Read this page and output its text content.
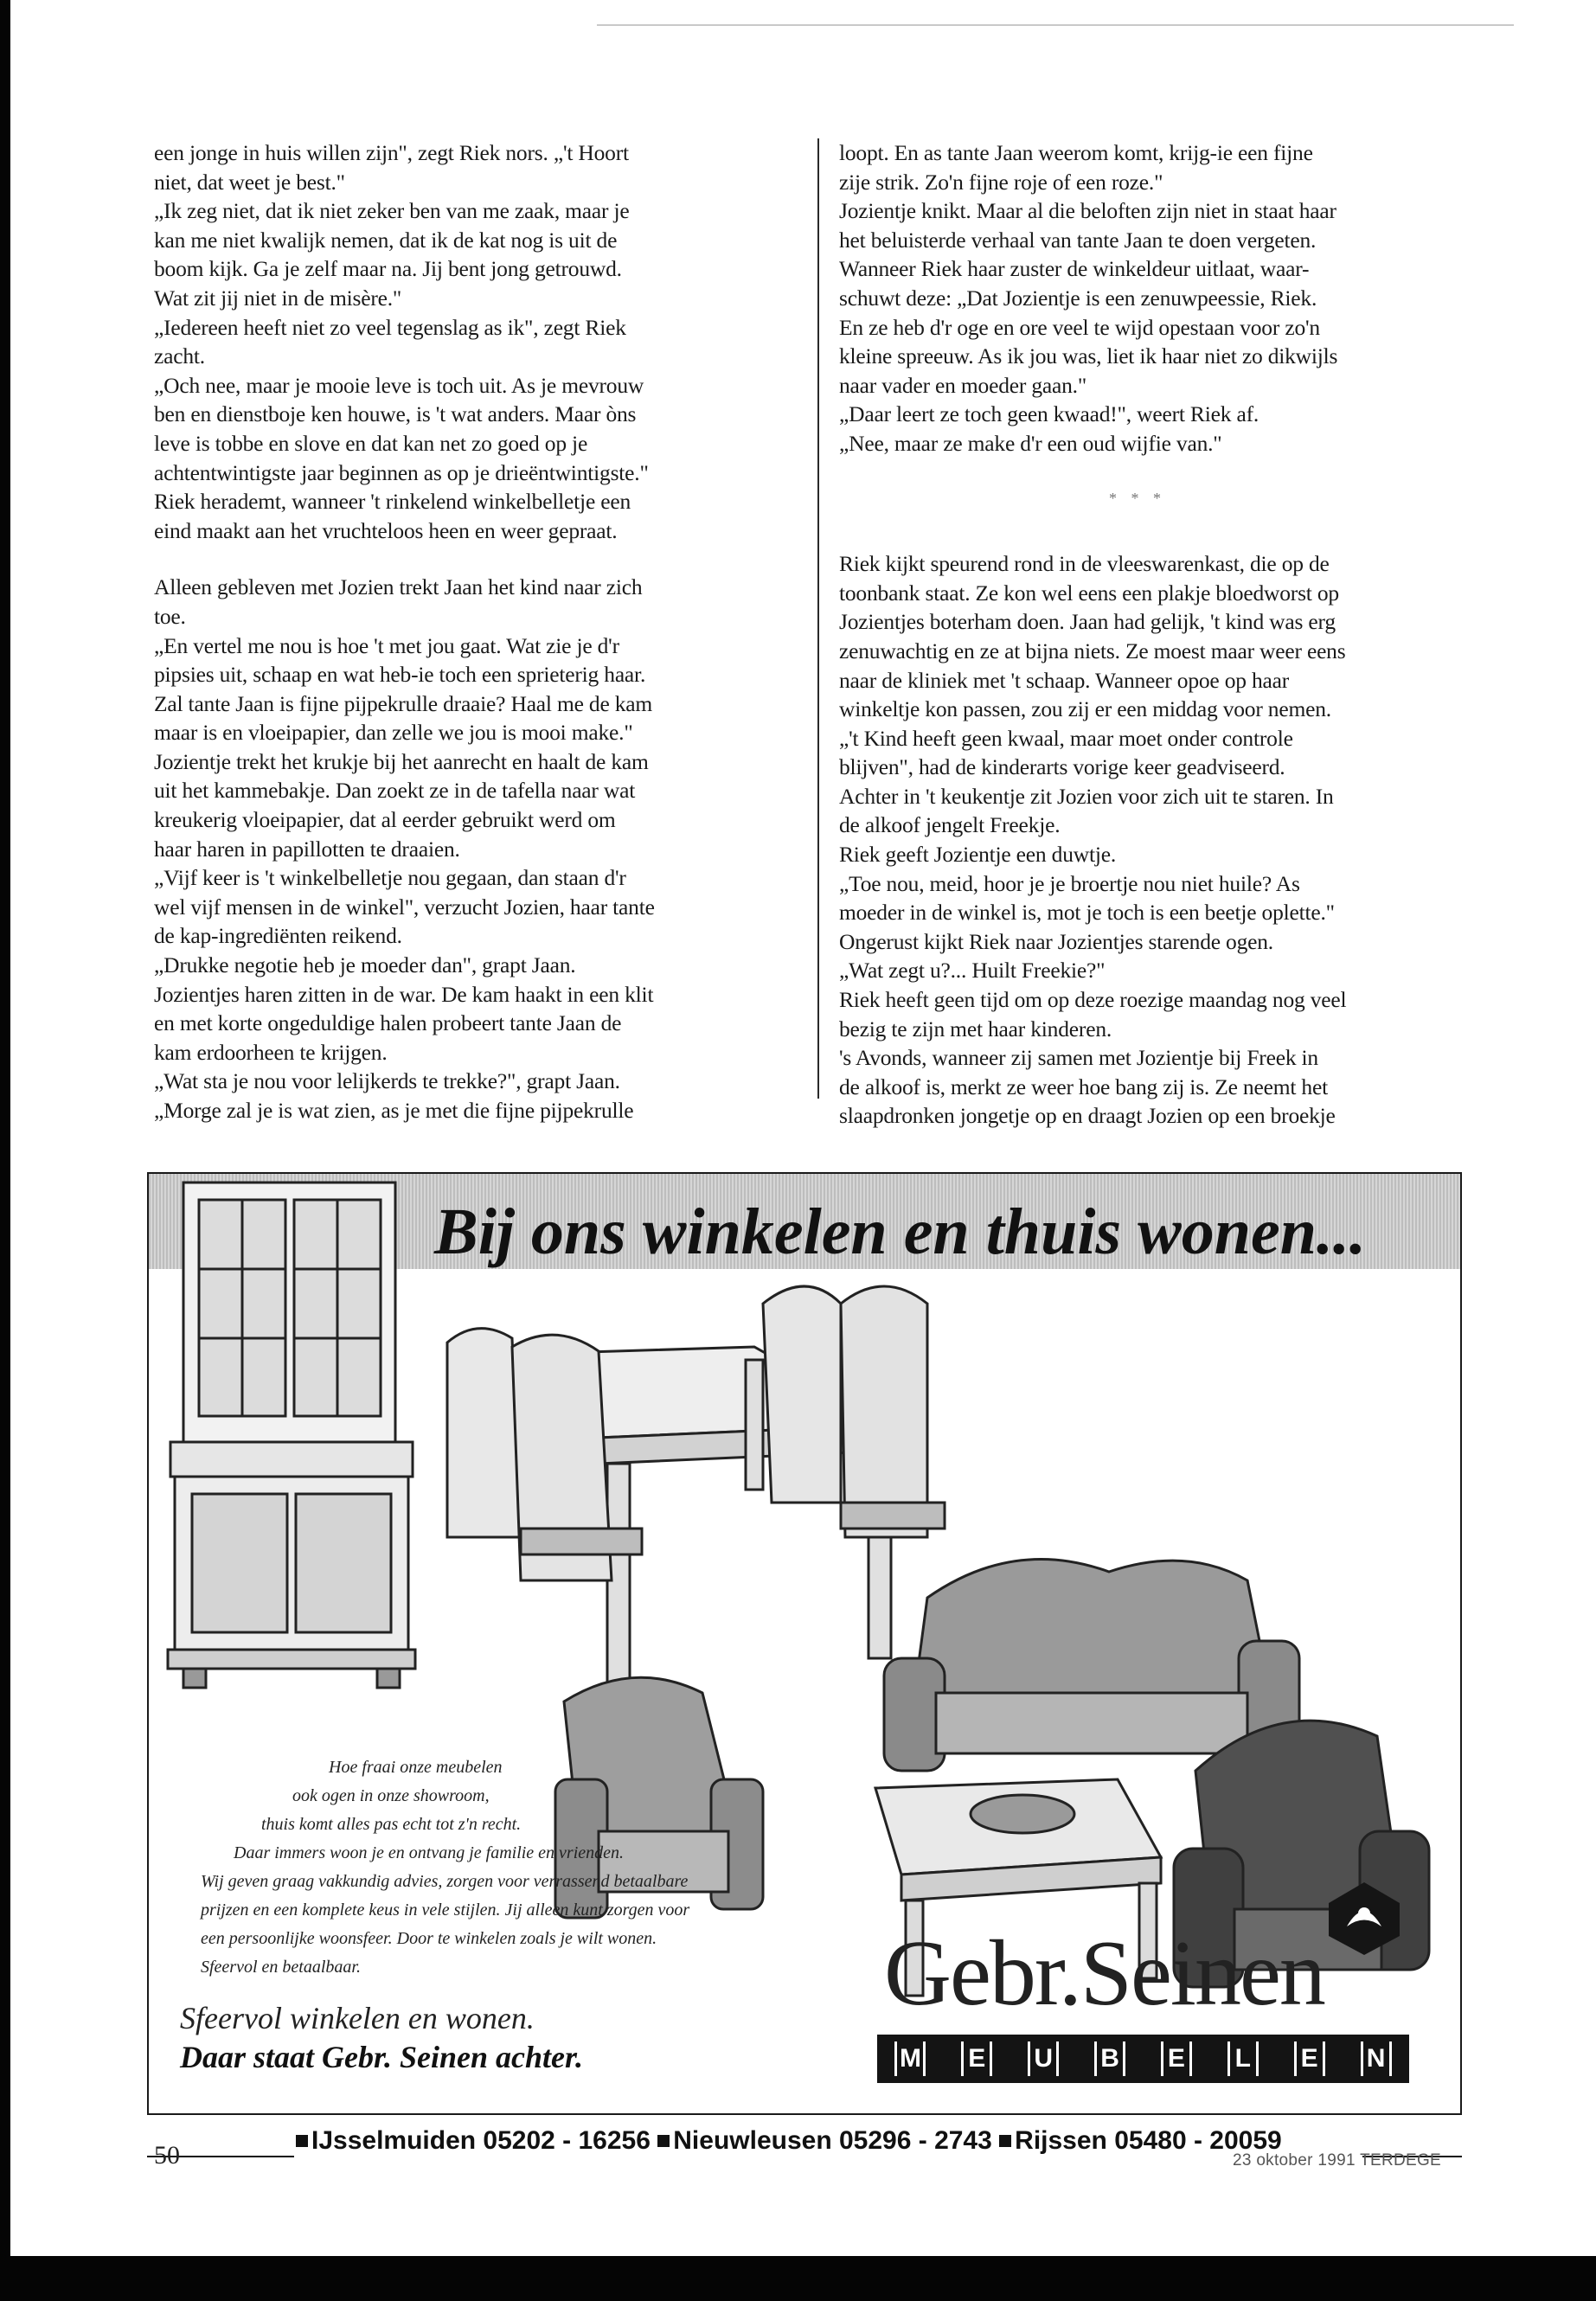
een jonge in huis willen zijn", zegt Riek nors. „'t Hoort

niet, dat weet je best."

„Ik zeg niet, dat ik niet zeker ben van me zaak, maar je

kan me niet kwalijk nemen, dat ik de kat nog is uit de

boom kijk. Ga je zelf maar na. Jij bent jong getrouwd.

Wat zit jij niet in de misère."

„Iedereen heeft niet zo veel tegenslag as ik", zegt Riek

zacht.

„Och nee, maar je mooie leve is toch uit. As je mevrouw

ben en dienstboje ken houwe, is 't wat anders. Maar òns

leve is tobbe en slove en dat kan net zo goed op je

achtentwintigste jaar beginnen as op je drieëntwintigste."

Riek herademt, wanneer 't rinkelend winkelbelletje een

eind maakt aan het vruchteloos heen en weer gepraat.

Alleen gebleven met Jozien trekt Jaan het kind naar zich

toe.

„En vertel me nou is hoe 't met jou gaat. Wat zie je d'r

pipsies uit, schaap en wat heb-ie toch een sprieterig haar.

Zal tante Jaan is fijne pijpekrulle draaie? Haal me de kam

maar is en vloeipapier, dan zelle we jou is mooi make."

Jozientje trekt het krukje bij het aanrecht en haalt de kam

uit het kammebakje. Dan zoekt ze in de tafella naar wat

kreukerig vloeipapier, dat al eerder gebruikt werd om

haar haren in papillotten te draaien.

„Vijf keer is 't winkelbelletje nou gegaan, dan staan d'r

wel vijf mensen in de winkel", verzucht Jozien, haar tante

de kap-ingrediënten reikend.

„Drukke negotie heb je moeder dan", grapt Jaan.

Jozientjes haren zitten in de war. De kam haakt in een klit

en met korte ongeduldige halen probeert tante Jaan de

kam erdoorheen te krijgen.

„Wat sta je nou voor lelijkerds te trekke?", grapt Jaan.

„Morge zal je is wat zien, as je met die fijne pijpekrulle

loopt. En as tante Jaan weerom komt, krijg-ie een fijne

zije strik. Zo'n fijne roje of een roze."

Jozientje knikt. Maar al die beloften zijn niet in staat haar

het beluisterde verhaal van tante Jaan te doen vergeten.

Wanneer Riek haar zuster de winkeldeur uitlaat, waar-

schuwt deze: „Dat Jozientje is een zenuwpeessie, Riek.

En ze heb d'r oge en ore veel te wijd opestaan voor zo'n

kleine spreeuw. As ik jou was, liet ik haar niet zo dikwijls

naar vader en moeder gaan."

„Daar leert ze toch geen kwaad!", weert Riek af.

„Nee, maar ze make d'r een oud wijfie van."

* * *

Riek kijkt speurend rond in de vleeswarenkast, die op de

toonbank staat. Ze kon wel eens een plakje bloedworst op

Jozientjes boterham doen. Jaan had gelijk, 't kind was erg

zenuwachtig en ze at bijna niets. Ze moest maar weer eens

naar de kliniek met 't schaap. Wanneer opoe op haar

winkeltje kon passen, zou zij er een middag voor nemen.

„'t Kind heeft geen kwaal, maar moet onder controle

blijven", had de kinderarts vorige keer geadviseerd.

Achter in 't keukentje zit Jozien voor zich uit te staren. In

de alkoof jengelt Freekje.

Riek geeft Jozientje een duwtje.

„Toe nou, meid, hoor je je broertje nou niet huile? As

moeder in de winkel is, mot je toch is een beetje oplette."

Ongerust kijkt Riek naar Jozientjes starende ogen.

„Wat zegt u?... Huilt Freekie?"

Riek heeft geen tijd om op deze roezige maandag nog veel

bezig te zijn met haar kinderen.

's Avonds, wanneer zij samen met Jozientje bij Freek in

de alkoof is, merkt ze weer hoe bang zij is. Ze neemt het

slaapdronken jongetje op en draagt Jozien op een broekje

Bij ons winkelen en thuis wonen...

Hoe fraai onze meubelen

ook ogen in onze showroom,

thuis komt alles pas echt tot z'n recht.

Daar immers woon je en ontvang je familie en vrienden.

Wij geven graag vakkundig advies, zorgen voor verrassend betaalbare

prijzen en een komplete keus in vele stijlen. Jij alleen kunt zorgen voor

een persoonlijke woonsfeer. Door te winkelen zoals je wilt wonen.

Sfeervol en betaalbaar.

Sfeervol winkelen en wonen.

Daar staat Gebr. Seinen achter.

Gebr.Seinen

M E U B E L E N
IJsselmuiden 05202 - 16256 Nieuwleusen 05296 - 2743 Rijssen 05480 - 20059

50	23 oktober 1991 TERDEGE
